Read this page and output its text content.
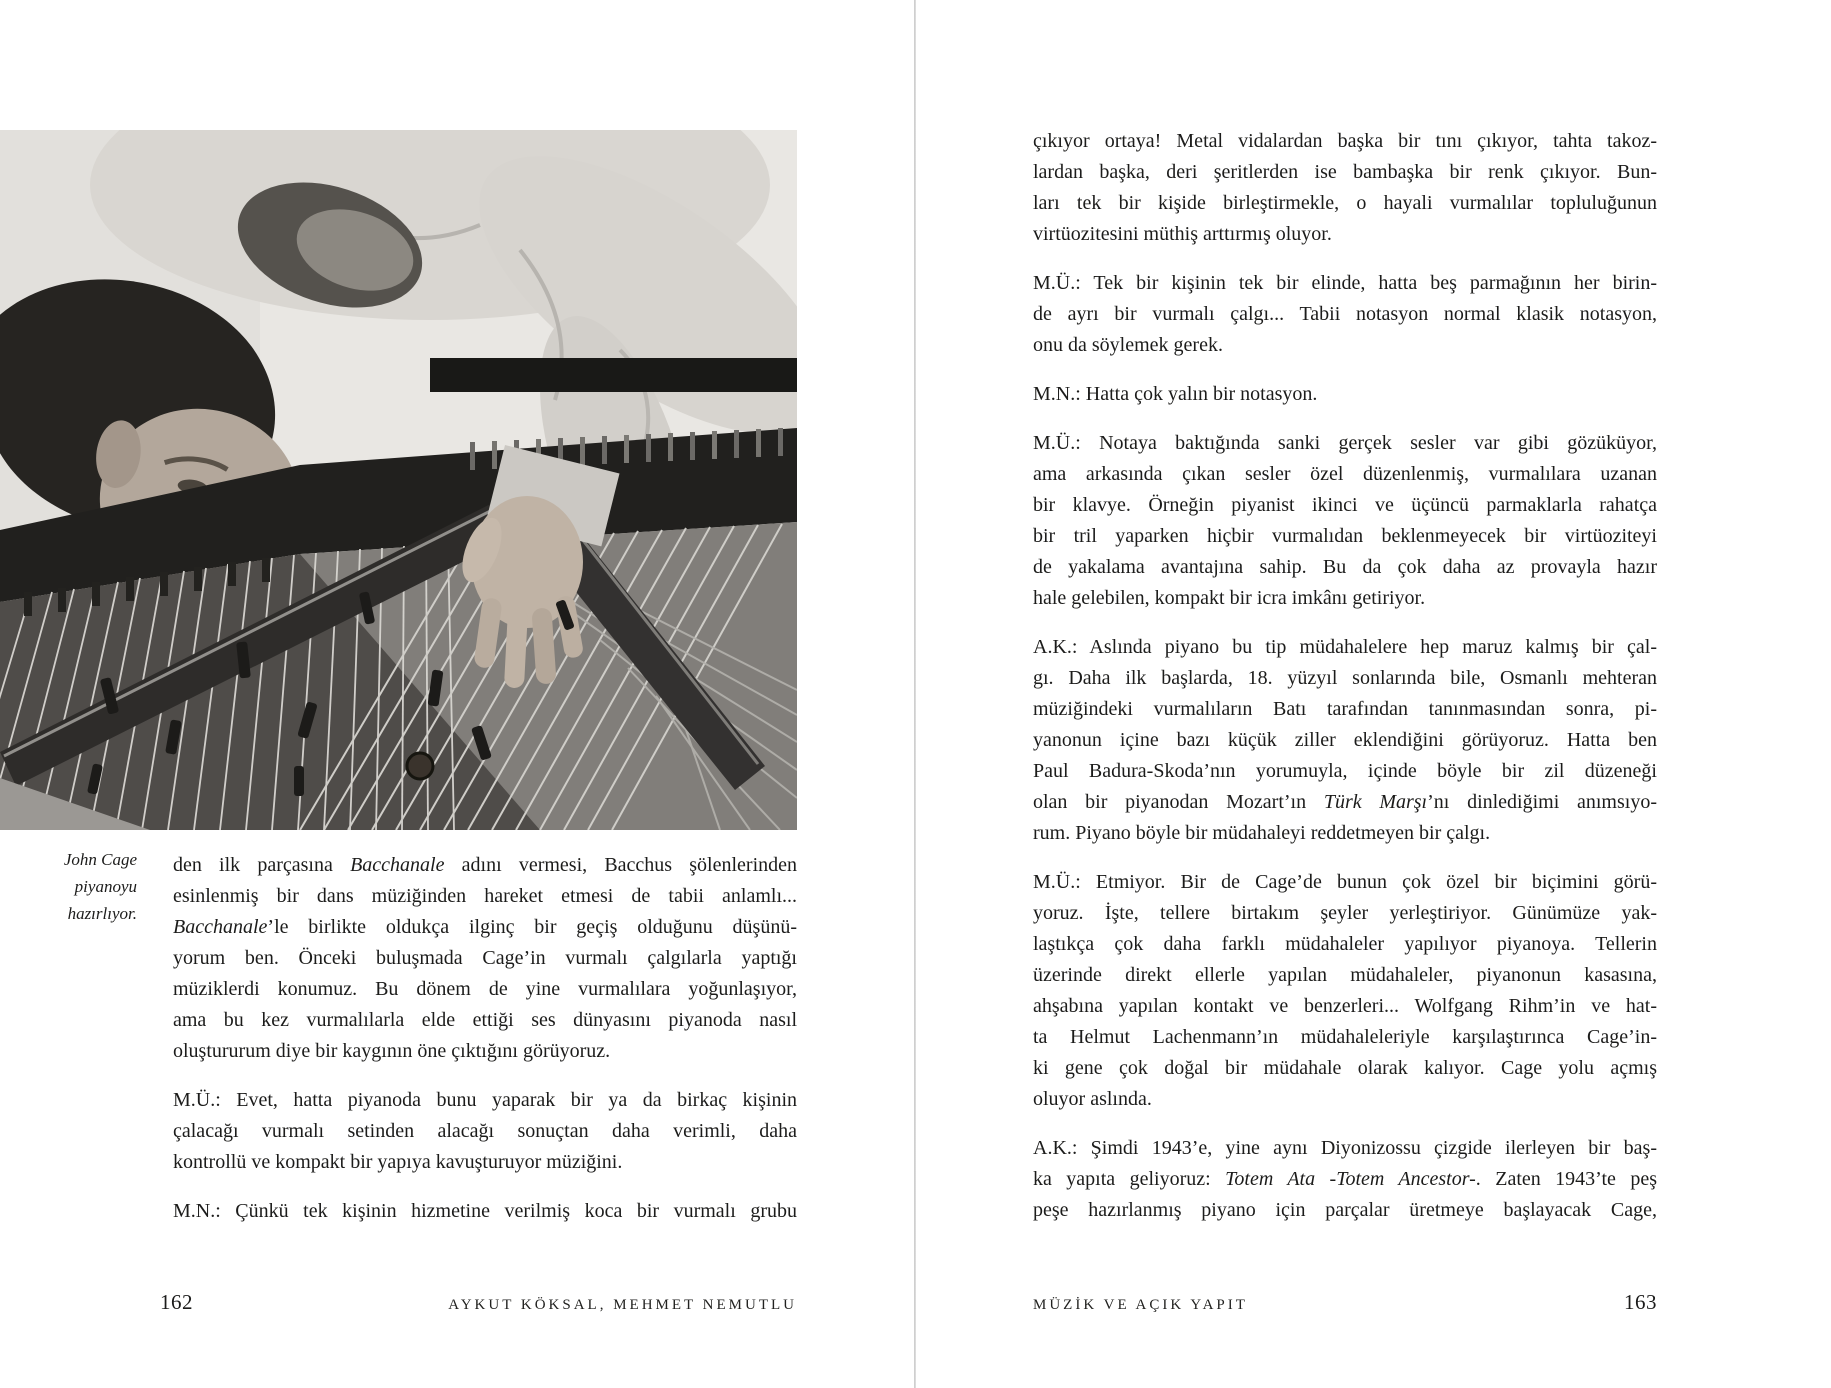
John Cage
piyanoyu
hazırlıyor.
den ilk parçasına Bacchanale adını vermesi, Bacchus şölenlerinden
esinlenmiş bir dans müziğinden hareket etmesi de tabii anlamlı...
Bacchanale’le birlikte oldukça ilginç bir geçiş olduğunu düşünü-
yorum ben. Önceki buluşmada Cage’in vurmalı çalgılarla yaptığı
müziklerdi konumuz. Bu dönem de yine vurmalılara yoğunlaşıyor,
ama bu kez vurmalılarla elde ettiği ses dünyasını piyanoda nasıl
oluştururum diye bir kaygının öne çıktığını görüyoruz.
M.Ü.: Evet, hatta piyanoda bunu yaparak bir ya da birkaç kişinin
çalacağı vurmalı setinden alacağı sonuçtan daha verimli, daha
kontrollü ve kompakt bir yapıya kavuşturuyor müziğini.
M.N.: Çünkü tek kişinin hizmetine verilmiş koca bir vurmalı grubu
162	AYKUT KÖKSAL, MEHMET NEMUTLU
çıkıyor ortaya! Metal vidalardan başka bir tını çıkıyor, tahta takoz-
lardan başka, deri şeritlerden ise bambaşka bir renk çıkıyor. Bun-
ları tek bir kişide birleştirmekle, o hayali vurmalılar topluluğunun
virtüozitesini müthiş arttırmış oluyor.
M.Ü.: Tek bir kişinin tek bir elinde, hatta beş parmağının her birin-
de ayrı bir vurmalı çalgı... Tabii notasyon normal klasik notasyon,
onu da söylemek gerek.
M.N.: Hatta çok yalın bir notasyon.
M.Ü.: Notaya baktığında sanki gerçek sesler var gibi gözüküyor,
ama arkasında çıkan sesler özel düzenlenmiş, vurmalılara uzanan
bir klavye. Örneğin piyanist ikinci ve üçüncü parmaklarla rahatça
bir tril yaparken hiçbir vurmalıdan beklenmeyecek bir virtüoziteyi
de yakalama avantajına sahip. Bu da çok daha az provayla hazır
hale gelebilen, kompakt bir icra imkânı getiriyor.
A.K.: Aslında piyano bu tip müdahalelere hep maruz kalmış bir çal-
gı. Daha ilk başlarda, 18. yüzyıl sonlarında bile, Osmanlı mehteran
müziğindeki vurmalıların Batı tarafından tanınmasından sonra, pi-
yanonun içine bazı küçük ziller eklendiğini görüyoruz. Hatta ben
Paul Badura-Skoda’nın yorumuyla, içinde böyle bir zil düzeneği
olan bir piyanodan Mozart’ın Türk Marşı’nı dinlediğimi anımsıyo-
rum. Piyano böyle bir müdahaleyi reddetmeyen bir çalgı.
M.Ü.: Etmiyor. Bir de Cage’de bunun çok özel bir biçimini görü-
yoruz. İşte, tellere birtakım şeyler yerleştiriyor. Günümüze yak-
laştıkça çok daha farklı müdahaleler yapılıyor piyanoya. Tellerin
üzerinde direkt ellerle yapılan müdahaleler, piyanonun kasasına,
ahşabına yapılan kontakt ve benzerleri... Wolfgang Rihm’in ve hat-
ta Helmut Lachenmann’ın müdahaleleriyle karşılaştırınca Cage’in-
ki gene çok doğal bir müdahale olarak kalıyor. Cage yolu açmış
oluyor aslında.
A.K.: Şimdi 1943’e, yine aynı Diyonizossu çizgide ilerleyen bir baş-
ka yapıta geliyoruz: Totem Ata -Totem Ancestor-. Zaten 1943’te peş
peşe hazırlanmış piyano için parçalar üretmeye başlayacak Cage,
MÜZİK VE AÇIK YAPIT	163
